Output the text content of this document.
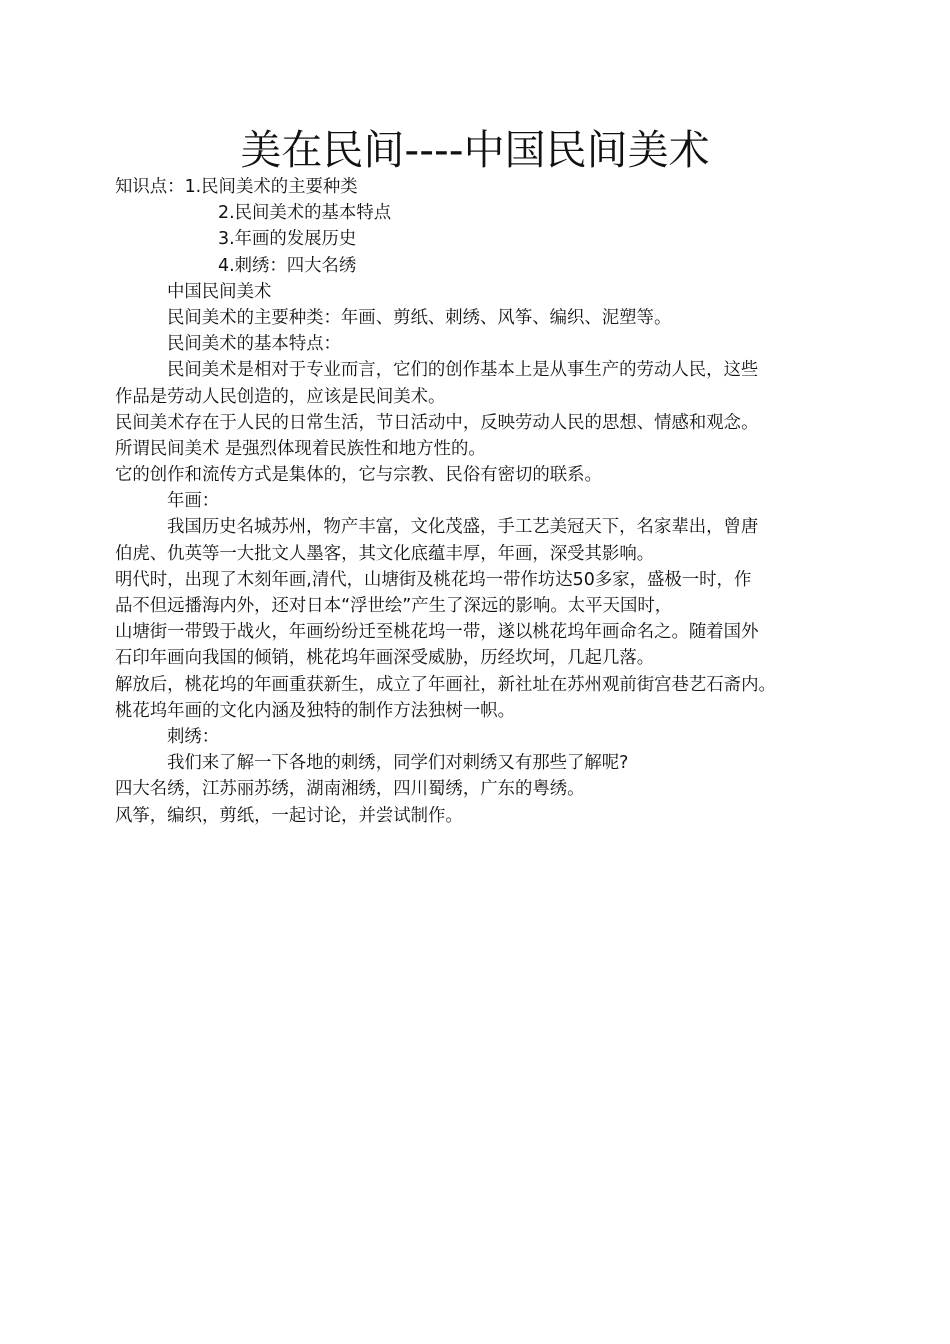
美在民间----中国民间美术
知识点：1.民间美术的主要种类
2.民间美术的基本特点
3.年画的发展历史
4.刺绣：四大名绣
中国民间美术
民间美术的主要种类：年画、剪纸、刺绣、风筝、编织、泥塑等。
民间美术的基本特点：
民间美术是相对于专业而言，它们的创作基本上是从事生产的劳动人民，这些
作品是劳动人民创造的，应该是民间美术。
民间美术存在于人民的日常生活，节日活动中，反映劳动人民的思想、情感和观念。
所谓民间美术 是强烈体现着民族性和地方性的。
它的创作和流传方式是集体的，它与宗教、民俗有密切的联系。
年画：
我国历史名城苏州，物产丰富，文化茂盛，手工艺美冠天下，名家辈出，曾唐
伯虎、仇英等一大批文人墨客，其文化底蕴丰厚，年画，深受其影响。
明代时，出现了木刻年画,清代，山塘街及桃花坞一带作坊达50多家，盛极一时，作
品不但远播海内外，还对日本“浮世绘”产生了深远的影响。太平天国时，
山塘街一带毁于战火，年画纷纷迁至桃花坞一带，遂以桃花坞年画命名之。随着国外
石印年画向我国的倾销，桃花坞年画深受威胁，历经坎坷，几起几落。
解放后，桃花坞的年画重获新生，成立了年画社，新社址在苏州观前街宫巷艺石斋内。
桃花坞年画的文化内涵及独特的制作方法独树一帜。
刺绣：
我们来了解一下各地的刺绣，同学们对刺绣又有那些了解呢?
四大名绣，江苏丽苏绣，湖南湘绣，四川蜀绣，广东的粤绣。
风筝，编织，剪纸，一起讨论，并尝试制作。
